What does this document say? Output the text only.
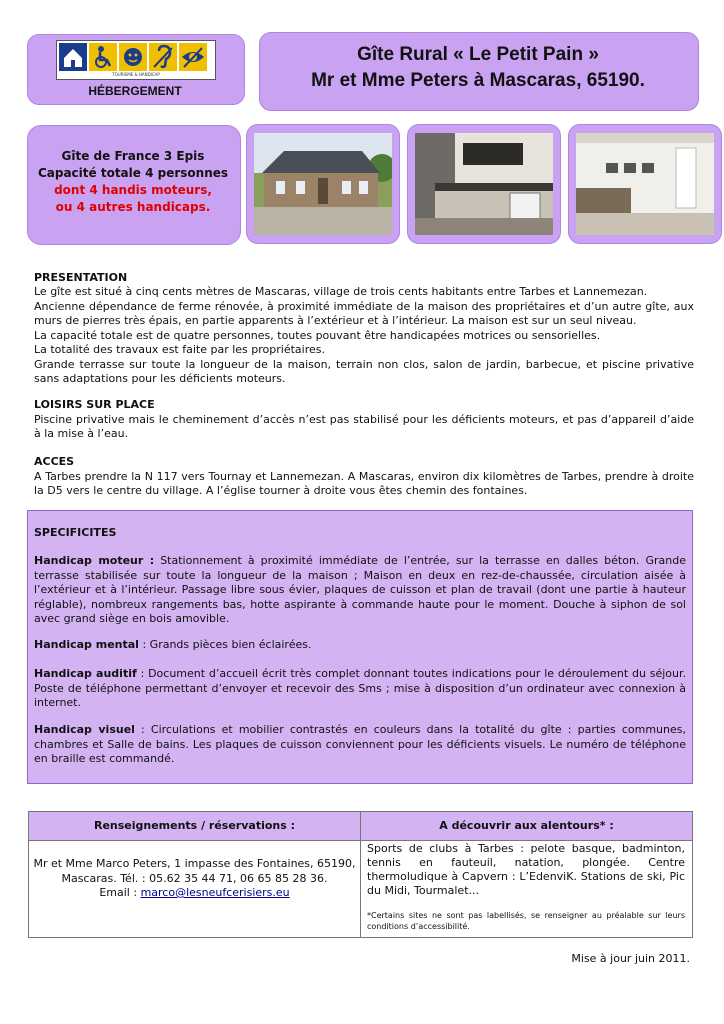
TOURISME & HANDICAP
HÉBERGEMENT
Gîte Rural « Le Petit Pain »
Mr et Mme Peters à Mascaras, 65190.
Gîte de France 3 Epis
Capacité totale 4 personnes
dont 4 handis moteurs,
ou 4 autres handicaps.
PRESENTATION
Le gîte est situé à cinq cents mètres de Mascaras, village de trois cents habitants entre Tarbes et Lannemezan.
Ancienne dépendance de ferme rénovée, à proximité immédiate de la maison des propriétaires et d’un autre gîte, aux murs de pierres très épais, en partie apparents à l’extérieur et à l’intérieur. La maison est sur un seul niveau.
La capacité totale est de quatre personnes, toutes pouvant être handicapées motrices ou sensorielles.
La totalité des travaux est faite par les propriétaires.
Grande terrasse sur toute la longueur de la maison, terrain non clos, salon de jardin, barbecue, et piscine privative sans adaptations pour les déficients moteurs.
LOISIRS SUR PLACE
Piscine privative mais le cheminement d’accès n’est pas stabilisé pour les déficients moteurs, et pas d’appareil d’aide à la mise à l’eau.
ACCES
A Tarbes prendre la N 117 vers Tournay et Lannemezan. A Mascaras, environ dix kilomètres de Tarbes, prendre à droite la D5 vers le centre du village. A l’église tourner à droite vous êtes chemin des fontaines.
SPECIFICITES
Handicap moteur : Stationnement à proximité immédiate de l’entrée, sur la terrasse en dalles béton. Grande terrasse stabilisée sur toute la longueur de la maison ; Maison en deux en rez-de-chaussée, circulation aisée à l’extérieur et à l’intérieur. Passage libre sous évier, plaques de cuisson et plan de travail (dont une partie à hauteur réglable), nombreux rangements bas, hotte aspirante à commande haute pour le moment. Douche à siphon de sol avec grand siège en bois amovible.
Handicap mental : Grands pièces bien éclairées.
Handicap auditif : Document d’accueil écrit très complet donnant toutes indications pour le déroulement du séjour. Poste de téléphone permettant d’envoyer et recevoir des Sms ; mise à disposition d’un ordinateur avec connexion à internet.
Handicap visuel : Circulations et mobilier contrastés en couleurs dans la totalité du gîte : parties communes, chambres et Salle de bains. Les plaques de cuisson conviennent pour les déficients visuels. Le numéro de téléphone en braille est commandé.
Renseignements / réservations :	A découvrir aux alentours* :
Mr et Mme Marco Peters, 1 impasse des Fontaines, 65190,
Mascaras. Tél. : 05.62 35 44 71, 06 65 85 28 36.
Email : marco@lesneufcerisiers.eu
Sports de clubs à Tarbes : pelote basque, badminton, tennis en fauteuil, natation, plongée. Centre thermoludique à Capvern : L’EdenviK. Stations de ski, Pic du Midi, Tourmalet...
*Certains sites ne sont pas labellisés, se renseigner au préalable sur leurs conditions d’accessibilité.
Mise à jour juin 2011.
